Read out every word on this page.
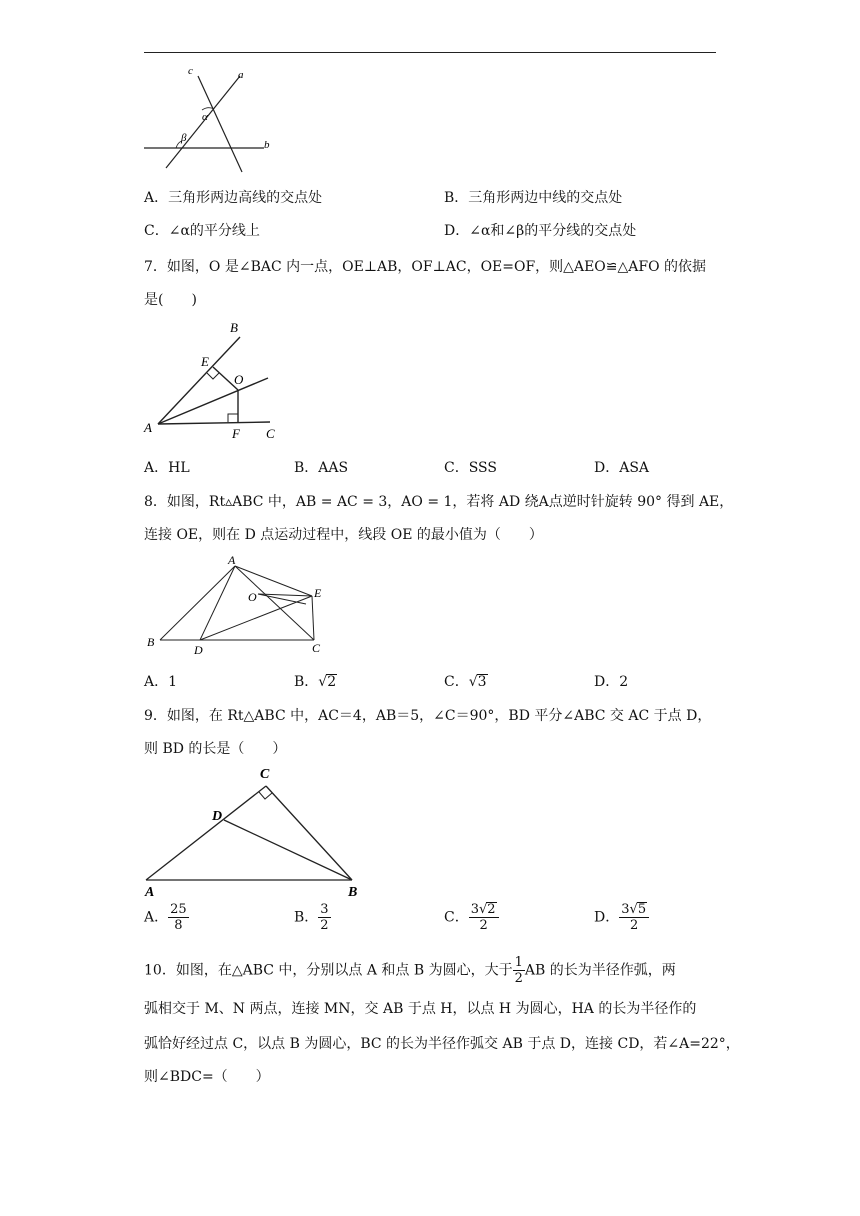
c	a
α
β
b
A．三角形两边高线的交点处	B．三角形两边中线的交点处
C．∠α的平分线上	D．∠α和∠β的平分线的交点处
7．如图，O 是∠BAC 内一点，OE⊥AB，OF⊥AC，OE=OF，则△AEO≌△AFO 的依据
是(　　)
B
E
O
A	F C
A．HL	B．AAS	C．SSS	D．ASA
8．如图，Rt▵ABC 中，AB = AC = 3，AO = 1，若将 AD 绕A点逆时针旋转 90° 得到 AE，
连接 OE，则在 D 点运动过程中，线段 OE 的最小值为（　　）
A
O	E
B
D	C
A．1	B．√2	C．√3	D．2
9．如图，在 Rt△ABC 中，AC＝4，AB＝5，∠C＝90°，BD 平分∠ABC 交 AC 于点 D，
则 BD 的长是（　　）
C
D
A	B
A． $\frac{25}{8}$	B． $\frac{3}{2}$	C． $\frac{3√2}{2}$	D． $\frac{3√5}{2}$
10．如图，在△ABC 中，分别以点 A 和点 B 为圆心，大于 $\frac{1}{2}$ AB 的长为半径作弧，两
弧相交于 M、N 两点，连接 MN，交 AB 于点 H，以点 H 为圆心，HA 的长为半径作的
弧恰好经过点 C，以点 B 为圆心，BC 的长为半径作弧交 AB 于点 D，连接 CD，若∠A=22°，
则∠BDC=（　　）
